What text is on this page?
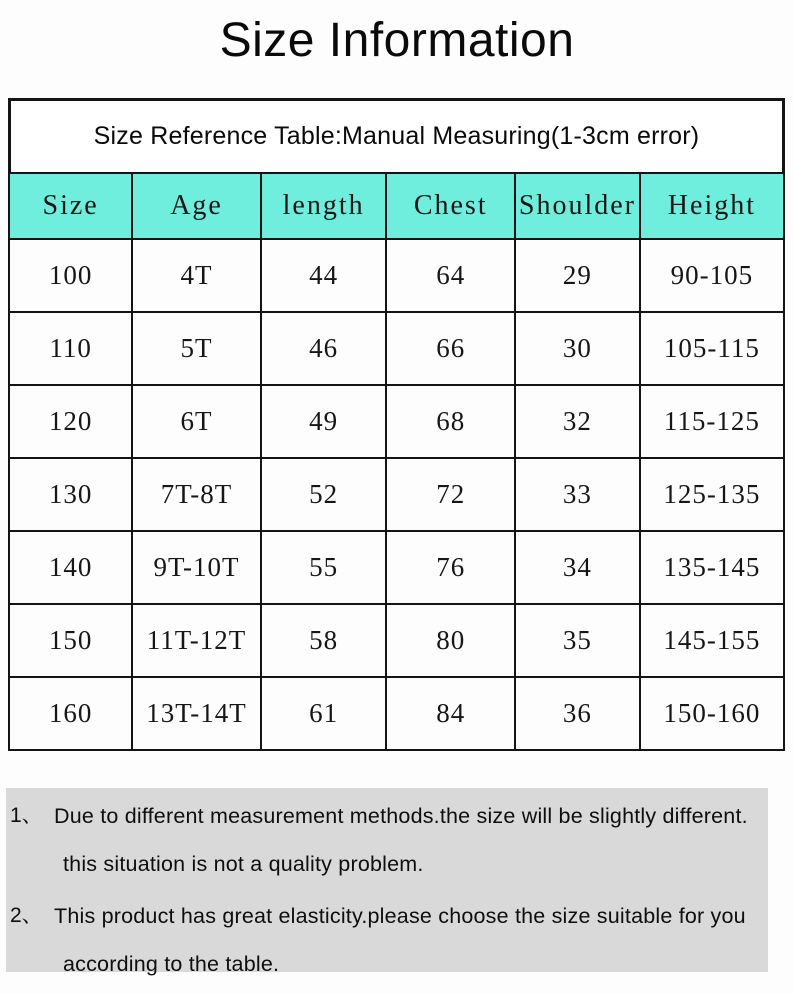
Size Information
Size Reference Table:Manual Measuring(1-3cm error)
Size	Age	length	Chest	Shoulder	Height
100	4T	44	64	29	90-105
110	5T	46	66	30	105-115
120	6T	49	68	32	115-125
130	7T-8T	52	72	33	125-135
140	9T-10T	55	76	34	135-145
150	11T-12T	58	80	35	145-155
160	13T-14T	61	84	36	150-160
1、 Due to different measurement methods.the size will be slightly different.
this situation is not a quality problem.
2、 This product has great elasticity.please choose the size suitable for you
according to the table.
